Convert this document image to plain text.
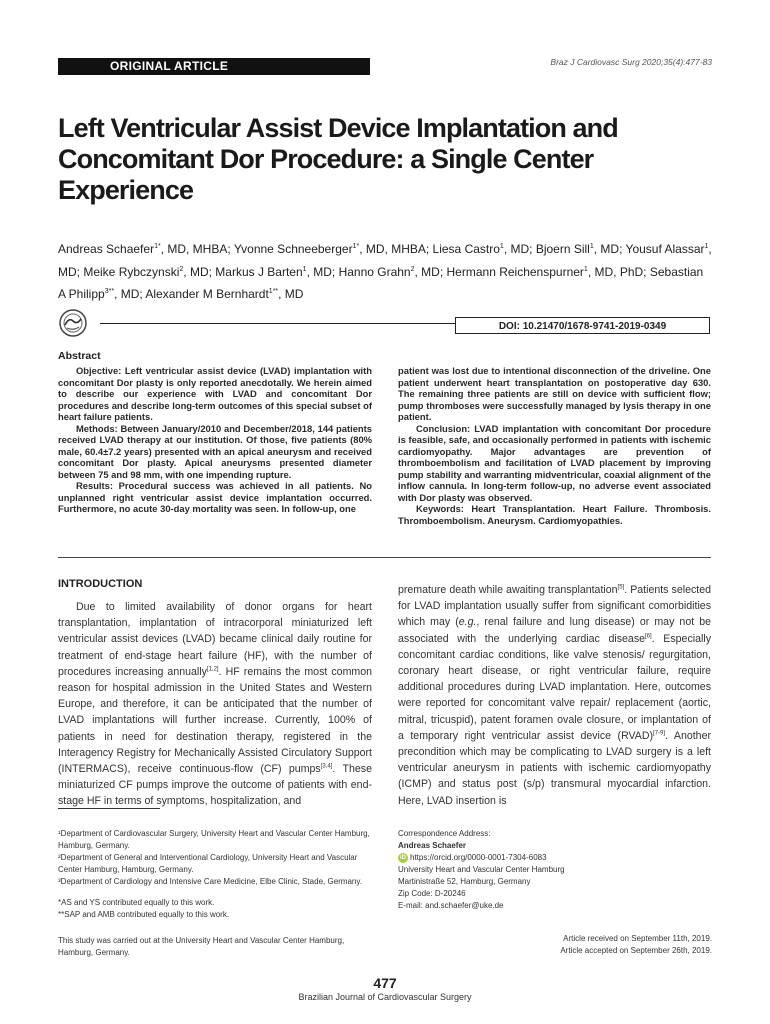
ORIGINAL ARTICLE	Braz J Cardiovasc Surg 2020;35(4):477-83
Left Ventricular Assist Device Implantation and Concomitant Dor Procedure: a Single Center Experience
Andreas Schaefer$^{1*}$, MD, MHBA; Yvonne Schneeberger$^{1*}$, MD, MHBA; Liesa Castro$^1$, MD; Bjoern Sill$^1$, MD; Yousuf Alassar$^1$, MD; Meike Rybczynski$^2$, MD; Markus J Barten$^1$, MD; Hanno Grahn$^2$, MD; Hermann Reichenspurner$^1$, MD, PhD; Sebastian A Philipp$^{3**}$, MD; Alexander M Bernhardt$^{1**}$, MD
DOI: 10.21470/1678-9741-2019-0349
Abstract

Objective: Left ventricular assist device (LVAD) implantation with concomitant Dor plasty is only reported anecdotally. We herein aimed to describe our experience with LVAD and concomitant Dor procedures and describe long-term outcomes of this special subset of heart failure patients.

Methods: Between January/2010 and December/2018, 144 patients received LVAD therapy at our institution. Of those, five patients (80% male, 60.4±7.2 years) presented with an apical aneurysm and received concomitant Dor plasty. Apical aneurysms presented diameter between 75 and 98 mm, with one impending rupture.

Results: Procedural success was achieved in all patients. No unplanned right ventricular assist device implantation occurred. Furthermore, no acute 30-day mortality was seen. In follow-up, one

patient was lost due to intentional disconnection of the driveline. One patient underwent heart transplantation on postoperative day 630. The remaining three patients are still on device with sufficient flow; pump thromboses were successfully managed by lysis therapy in one patient.

Conclusion: LVAD implantation with concomitant Dor procedure is feasible, safe, and occasionally performed in patients with ischemic cardiomyopathy. Major advantages are prevention of thromboembolism and facilitation of LVAD placement by improving pump stability and warranting midventricular, coaxial alignment of the inflow cannula. In long-term follow-up, no adverse event associated with Dor plasty was observed.

Keywords: Heart Transplantation. Heart Failure. Thrombosis. Thromboembolism. Aneurysm. Cardiomyopathies.

INTRODUCTION

Due to limited availability of donor organs for heart transplantation, implantation of intracorporal miniaturized left ventricular assist devices (LVAD) became clinical daily routine for treatment of end-stage heart failure (HF), with the number of procedures increasing annually[1,2]. HF remains the most common reason for hospital admission in the United States and Western Europe, and therefore, it can be anticipated that the number of LVAD implantations will further increase. Currently, 100% of patients in need for destination therapy, registered in the Interagency Registry for Mechanically Assisted Circulatory Support (INTERMACS), receive continuous-flow (CF) pumps[3,4]. These miniaturized CF pumps improve the outcome of patients with end-stage HF in terms of symptoms, hospitalization, and

premature death while awaiting transplantation[5]. Patients selected for LVAD implantation usually suffer from significant comorbidities which may (e.g., renal failure and lung disease) or may not be associated with the underlying cardiac disease[6]. Especially concomitant cardiac conditions, like valve stenosis/ regurgitation, coronary heart disease, or right ventricular failure, require additional procedures during LVAD implantation. Here, outcomes were reported for concomitant valve repair/ replacement (aortic, mitral, tricuspid), patent foramen ovale closure, or implantation of a temporary right ventricular assist device (RVAD)[7-9]. Another precondition which may be complicating to LVAD surgery is a left ventricular aneurysm in patients with ischemic cardiomyopathy (ICMP) and status post (s/p) transmural myocardial infarction. Here, LVAD insertion is

¹Department of Cardiovascular Surgery, University Heart and Vascular Center Hamburg, Hamburg, Germany.
²Department of General and Interventional Cardiology, University Heart and Vascular Center Hamburg, Hamburg, Germany.
³Department of Cardiology and Intensive Care Medicine, Elbe Clinic, Stade, Germany.
*AS and YS contributed equally to this work.
**SAP and AMB contributed equally to this work.
This study was carried out at the University Heart and Vascular Center Hamburg, Hamburg, Germany.
Correspondence Address:
Andreas Schaefer
iD https://orcid.org/0000-0001-7304-6083
University Heart and Vascular Center Hamburg
Martinistraße 52, Hamburg, Germany
Zip Code: D-20246
E-mail: and.schaefer@uke.de
Article received on September 11th, 2019.
Article accepted on September 26th, 2019.
477
Brazilian Journal of Cardiovascular Surgery
